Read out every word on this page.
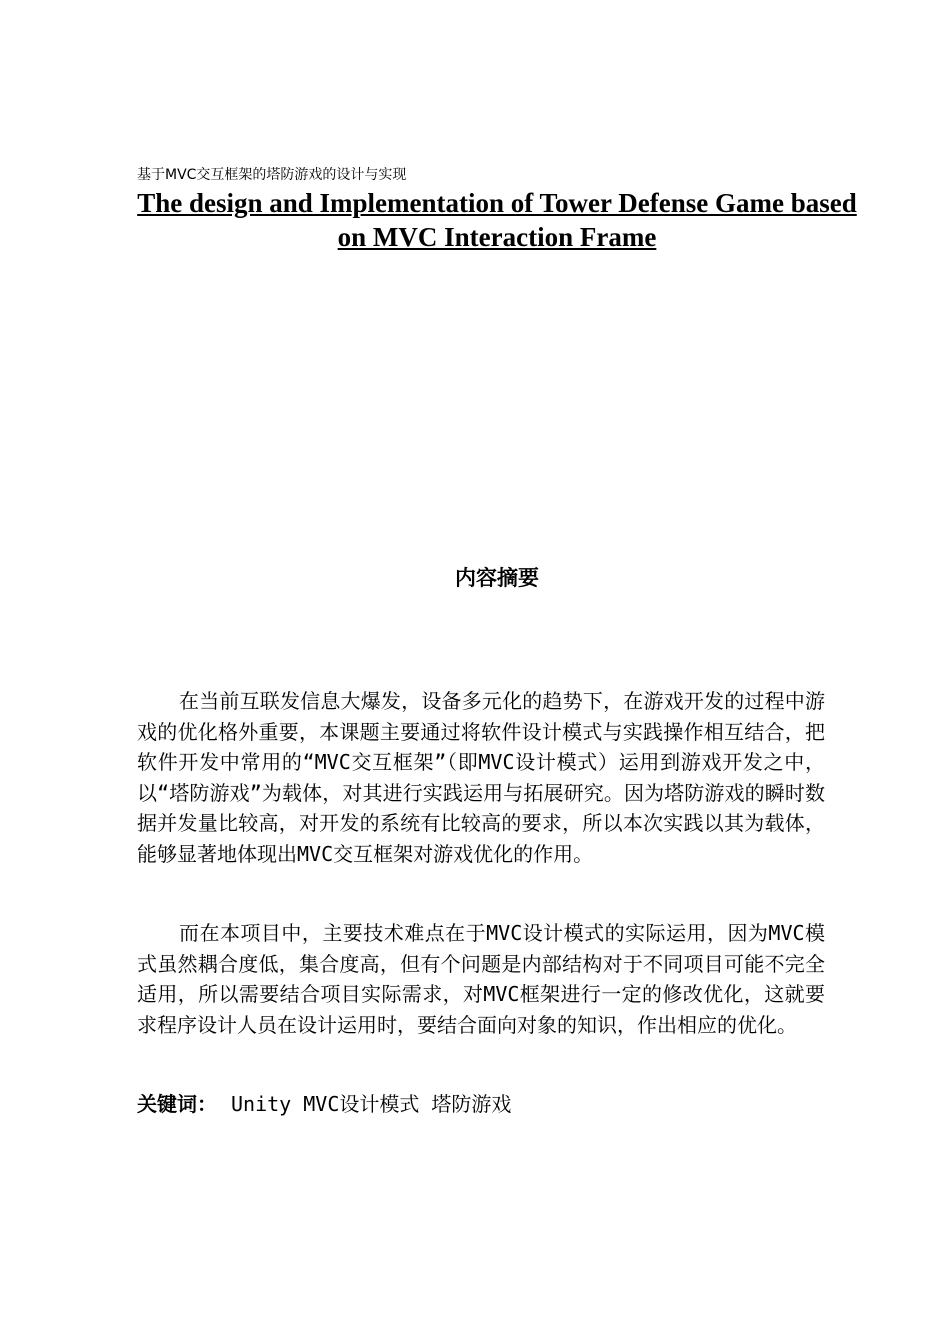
基于MVC交互框架的塔防游戏的设计与实现
The design and Implementation of Tower Defense Game based on MVC Interaction Frame
内容摘要

在当前互联发信息大爆发，设备多元化的趋势下，在游戏开发的过程中游戏的优化格外重要，本课题主要通过将软件设计模式与实践操作相互结合，把软件开发中常用的“MVC交互框架”（即MVC设计模式）运用到游戏开发之中，以“塔防游戏”为载体，对其进行实践运用与拓展研究。因为塔防游戏的瞬时数据并发量比较高，对开发的系统有比较高的要求，所以本次实践以其为载体，能够显著地体现出MVC交互框架对游戏优化的作用。

而在本项目中，主要技术难点在于MVC设计模式的实际运用，因为MVC模式虽然耦合度低，集合度高，但有个问题是内部结构对于不同项目可能不完全适用，所以需要结合项目实际需求，对MVC框架进行一定的修改优化，这就要求程序设计人员在设计运用时，要结合面向对象的知识，作出相应的优化。

关键词： Unity MVC设计模式 塔防游戏
